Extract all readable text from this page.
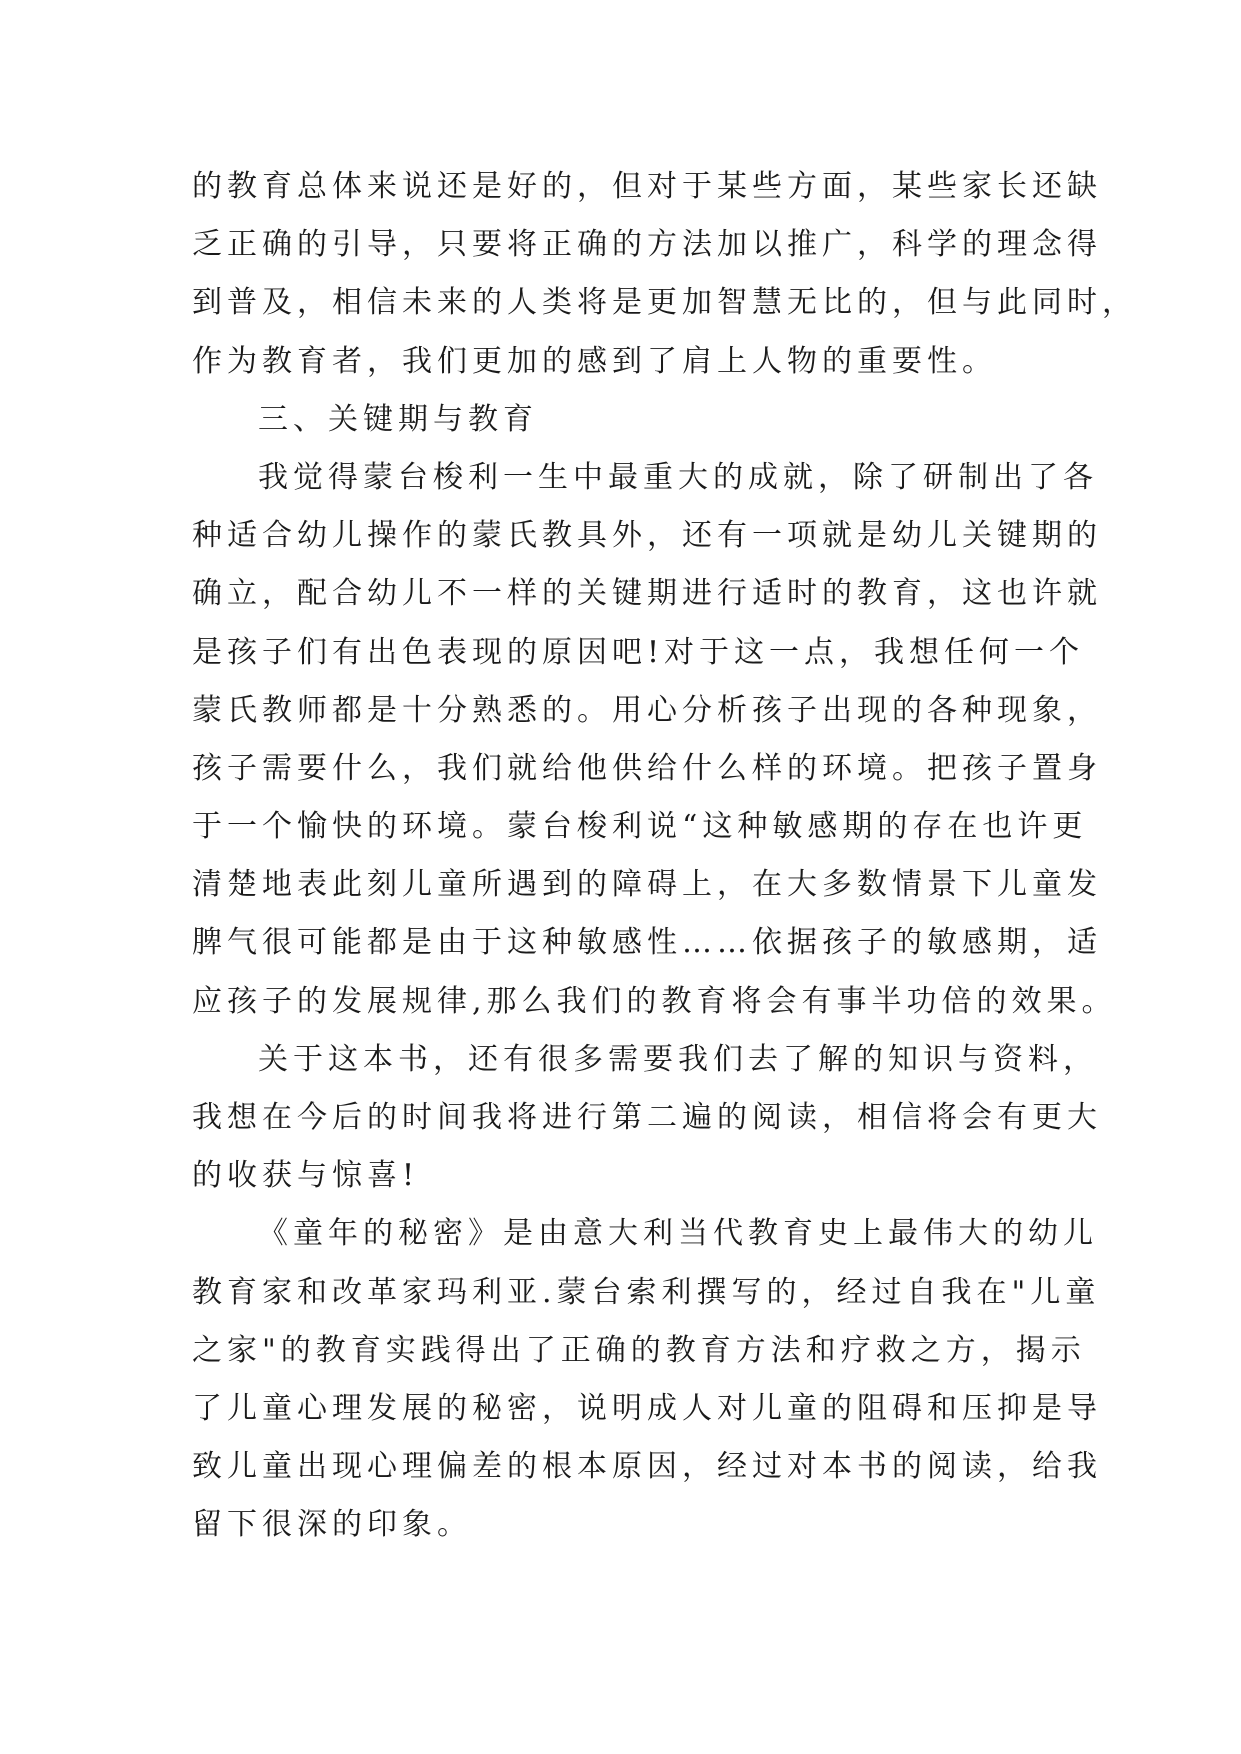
的教育总体来说还是好的，但对于某些方面，某些家长还缺
乏正确的引导，只要将正确的方法加以推广，科学的理念得
到普及，相信未来的人类将是更加智慧无比的，但与此同时，
作为教育者，我们更加的感到了肩上人物的重要性。
三、关键期与教育
我觉得蒙台梭利一生中最重大的成就，除了研制出了各
种适合幼儿操作的蒙氏教具外，还有一项就是幼儿关键期的
确立，配合幼儿不一样的关键期进行适时的教育，这也许就
是孩子们有出色表现的原因吧!对于这一点，我想任何一个
蒙氏教师都是十分熟悉的。用心分析孩子出现的各种现象，
孩子需要什么，我们就给他供给什么样的环境。把孩子置身
于一个愉快的环境。蒙台梭利说“这种敏感期的存在也许更
清楚地表此刻儿童所遇到的障碍上，在大多数情景下儿童发
脾气很可能都是由于这种敏感性……依据孩子的敏感期，适
应孩子的发展规律,那么我们的教育将会有事半功倍的效果。
关于这本书，还有很多需要我们去了解的知识与资料，
我想在今后的时间我将进行第二遍的阅读，相信将会有更大
的收获与惊喜!
《童年的秘密》是由意大利当代教育史上最伟大的幼儿
教育家和改革家玛利亚.蒙台索利撰写的，经过自我在"儿童
之家"的教育实践得出了正确的教育方法和疗救之方，揭示
了儿童心理发展的秘密，说明成人对儿童的阻碍和压抑是导
致儿童出现心理偏差的根本原因，经过对本书的阅读，给我
留下很深的印象。
